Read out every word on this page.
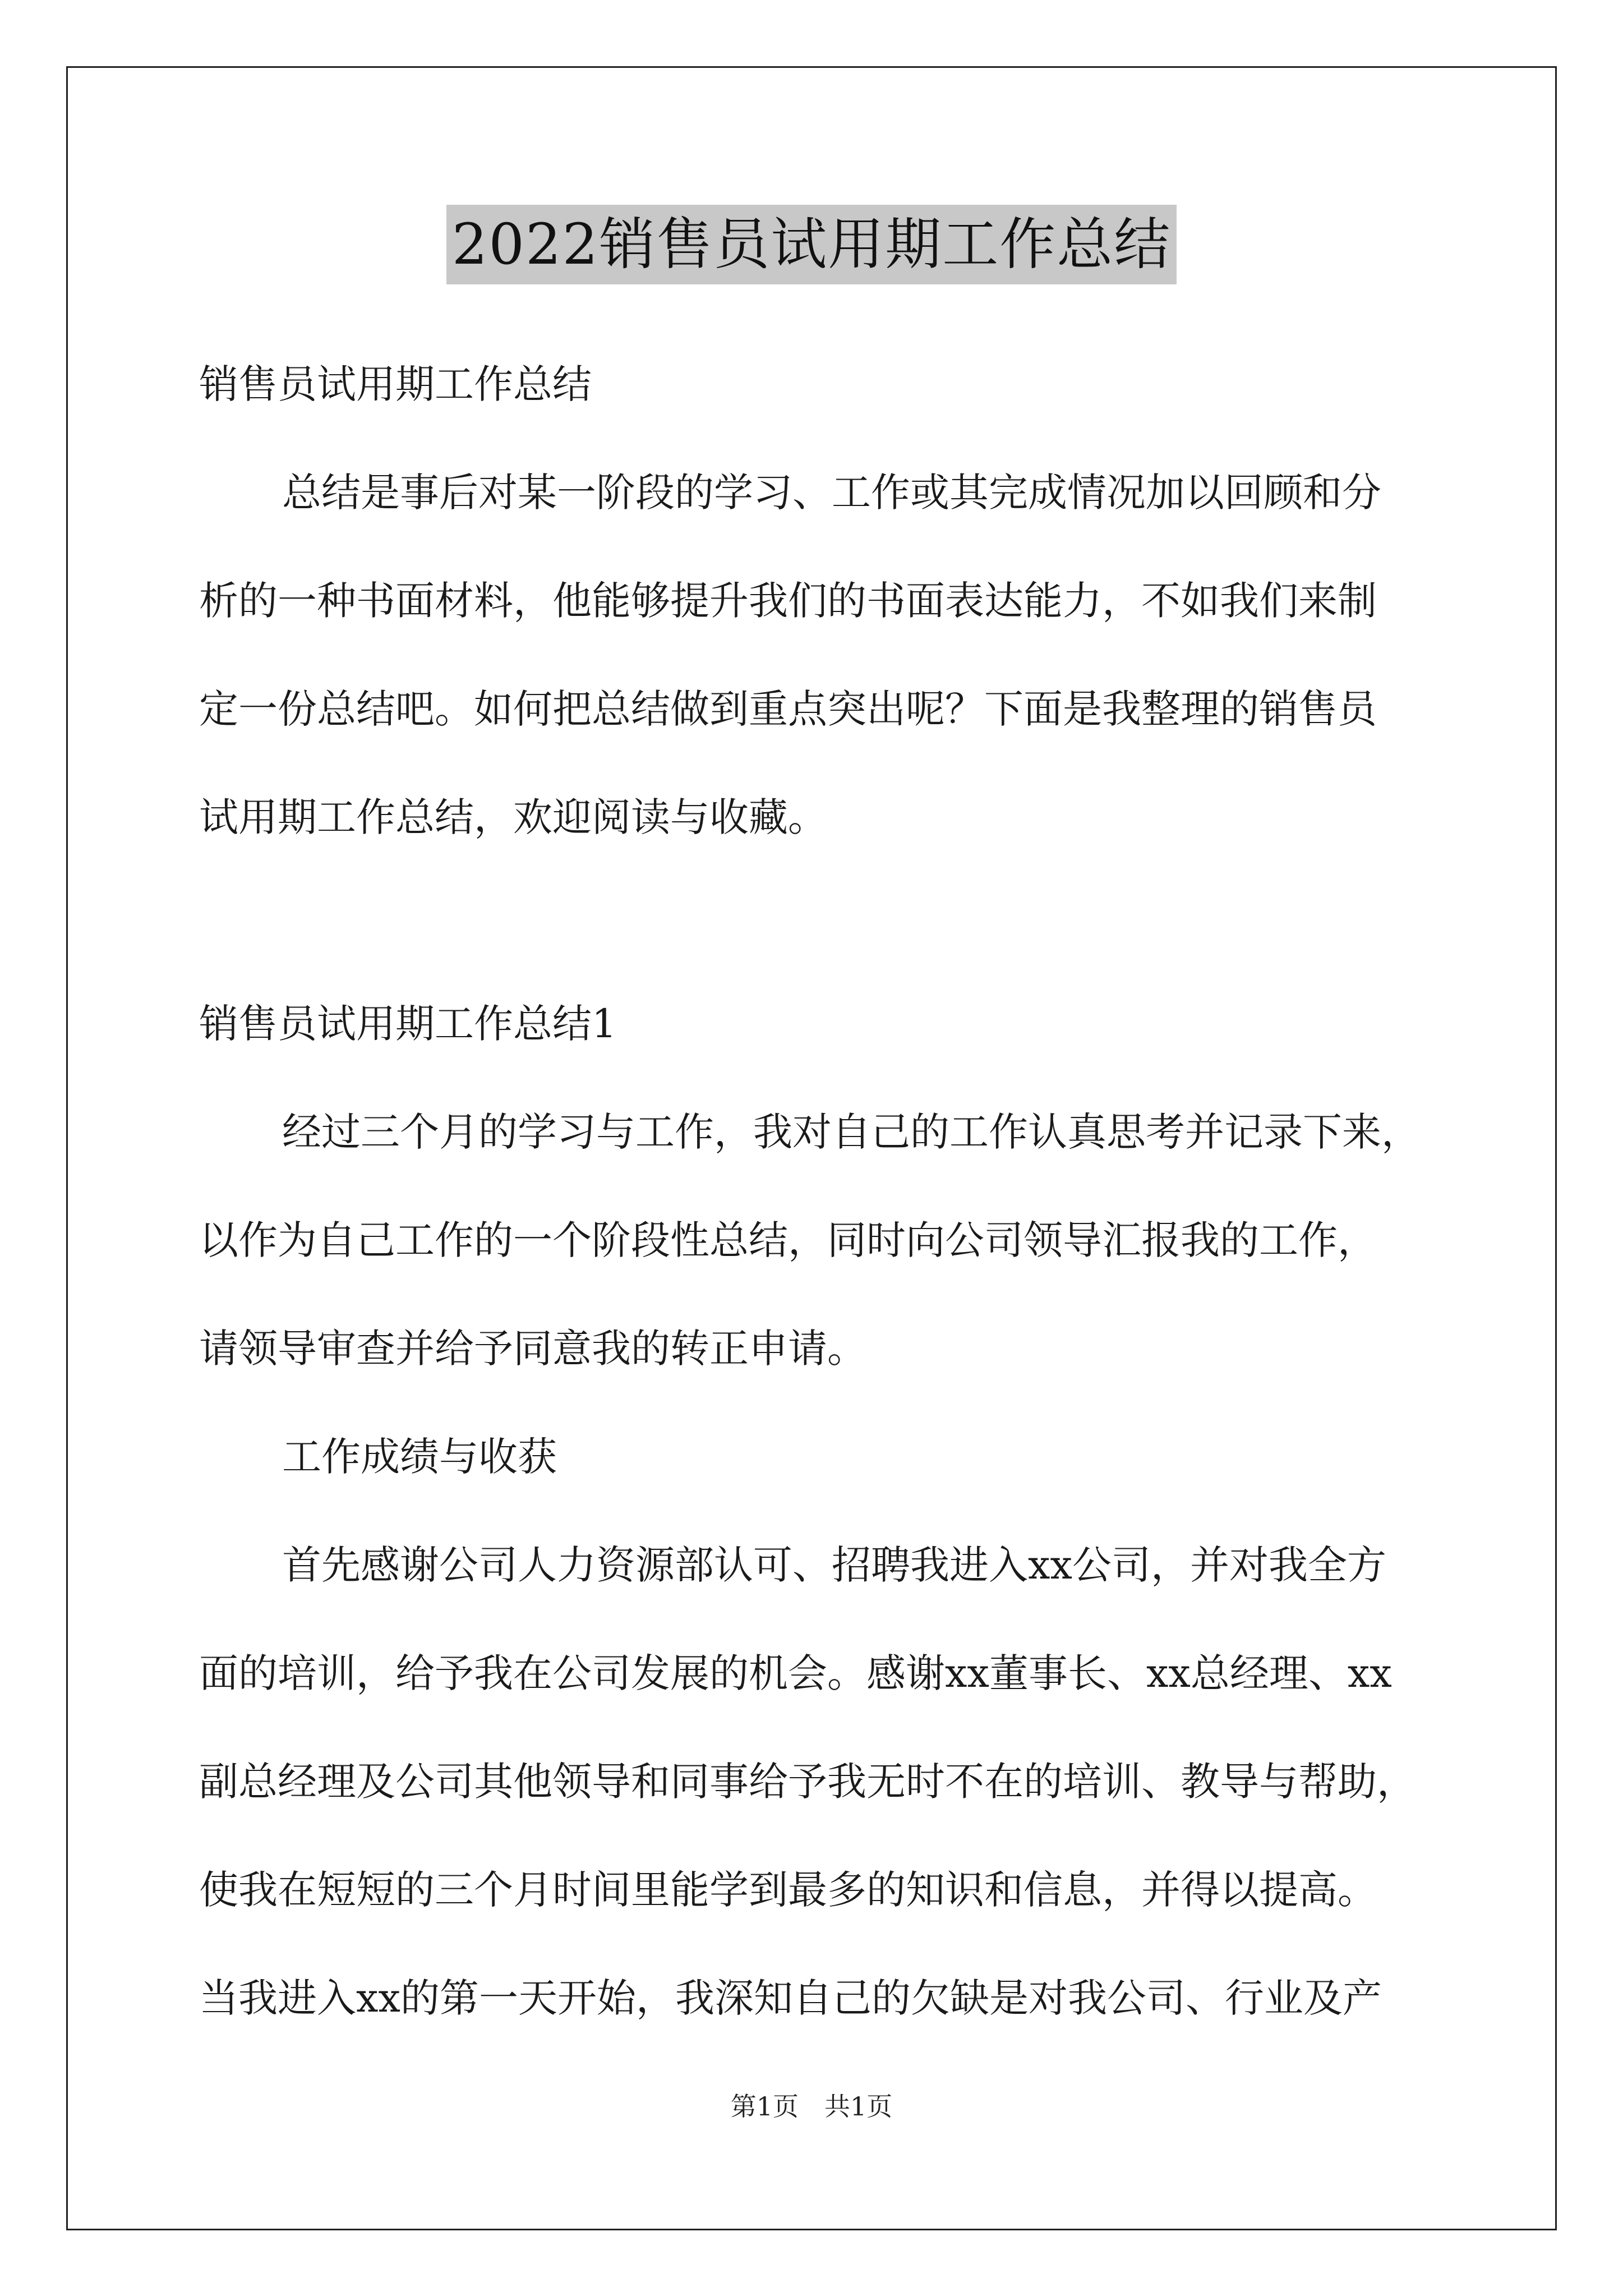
2022销售员试用期工作总结
销售员试用期工作总结
总结是事后对某一阶段的学习、工作或其完成情况加以回顾和分
析的一种书面材料，他能够提升我们的书面表达能力，不如我们来制
定一份总结吧。如何把总结做到重点突出呢？下面是我整理的销售员
试用期工作总结，欢迎阅读与收藏。
销售员试用期工作总结1
经过三个月的学习与工作，我对自己的工作认真思考并记录下来，
以作为自己工作的一个阶段性总结，同时向公司领导汇报我的工作，
请领导审查并给予同意我的转正申请。
工作成绩与收获
首先感谢公司人力资源部认可、招聘我进入xx公司，并对我全方
面的培训，给予我在公司发展的机会。感谢xx董事长、xx总经理、xx
副总经理及公司其他领导和同事给予我无时不在的培训、教导与帮助，
使我在短短的三个月时间里能学到最多的知识和信息，并得以提高。
当我进入xx的第一天开始，我深知自己的欠缺是对我公司、行业及产
第1页　共1页
